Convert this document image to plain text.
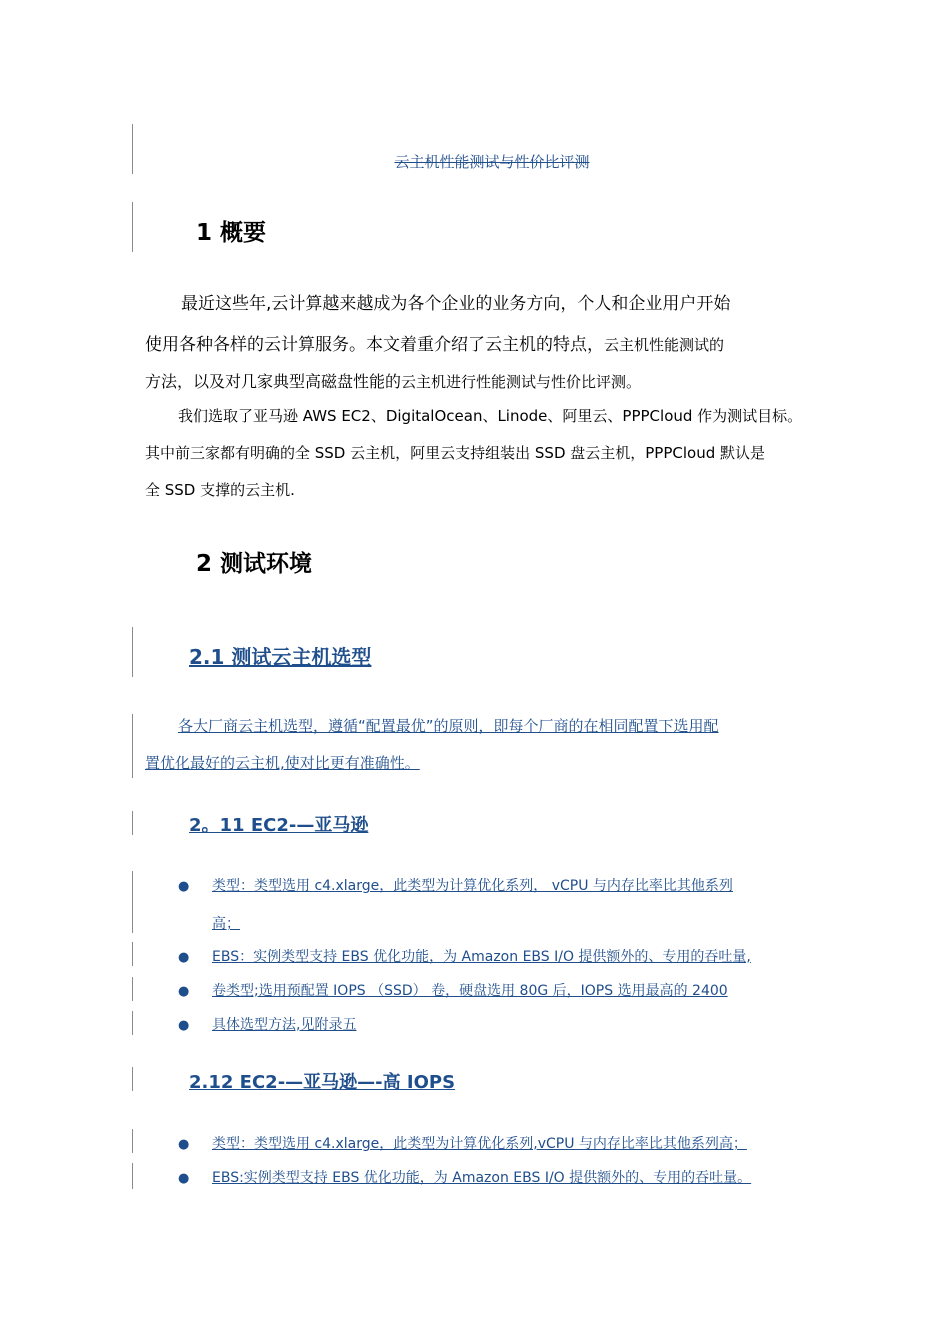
云主机性能测试与性价比评测
1 概要
最近这些年,云计算越来越成为各个企业的业务方向，个人和企业用户开始
使用各种各样的云计算服务。本文着重介绍了云主机的特点，云主机性能测试的
方法，以及对几家典型高磁盘性能的云主机进行性能测试与性价比评测。
我们选取了亚马逊 AWS EC2、DigitalOcean、Linode、阿里云、PPPCloud 作为测试目标。
其中前三家都有明确的全 SSD 云主机，阿里云支持组装出 SSD 盘云主机，PPPCloud 默认是
全 SSD 支撑的云主机.
2 测试环境
2.1 测试云主机选型
各大厂商云主机选型，遵循“配置最优”的原则，即每个厂商的在相同配置下选用配
置优化最好的云主机,使对比更有准确性。
2。11 EC2-—亚马逊
● 类型：类型选用 c4.xlarge，此类型为计算优化系列， vCPU 与内存比率比其他系列
高；
● EBS：实例类型支持 EBS 优化功能，为 Amazon EBS I/O 提供额外的、专用的吞吐量,
● 卷类型;选用预配置 IOPS （SSD） 卷，硬盘选用 80G 后，IOPS 选用最高的 2400
● 具体选型方法,见附录五
2.12 EC2-—亚马逊—-高 IOPS
● 类型：类型选用 c4.xlarge，此类型为计算优化系列,vCPU 与内存比率比其他系列高；
● EBS:实例类型支持 EBS 优化功能，为 Amazon EBS I/O 提供额外的、专用的吞吐量。
